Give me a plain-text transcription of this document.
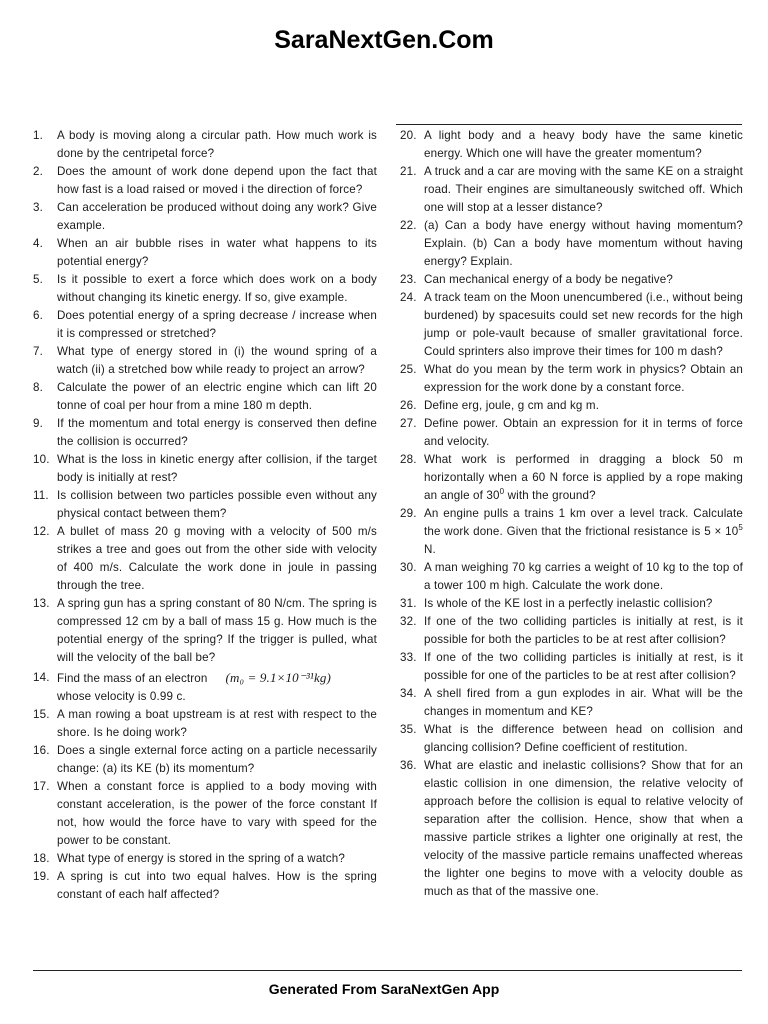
SaraNextGen.Com
1.	A body is moving along a circular path. How much work is done by the centripetal force?
2.	Does the amount of work done depend upon the fact that how fast is a load raised or moved i the direction of force?
3.	Can acceleration be produced without doing any work? Give example.
4.	When an air bubble rises in water what happens to its potential energy?
5.	Is it possible to exert a force which does work on a body without changing its kinetic energy. If so, give example.
6.	Does potential energy of a spring decrease / increase when it is compressed or stretched?
7.	What type of energy stored in (i) the wound spring of a watch (ii) a stretched bow while ready to project an arrow?
8.	Calculate the power of an electric engine which can lift 20 tonne of coal per hour from a mine 180 m depth.
9.	If the momentum and total energy is conserved then define the collision is occurred?
10. What is the loss in kinetic energy after collision, if the target body is initially at rest?
11. Is collision between two particles possible even without any physical contact between them?
12. A bullet of mass 20 g moving with a velocity of 500 m/s strikes a tree and goes out from the other side with velocity of 400 m/s. Calculate the work done in joule in passing through the tree.
13. A spring gun has a spring constant of 80 N/cm. The spring is compressed 12 cm by a ball of mass 15 g. How much is the potential energy of the spring? If the trigger is pulled, what will the velocity of the ball be?
14. Find the mass of an electron (m₀ = 9.1×10⁻³¹kg)
whose velocity is 0.99 c.
15. A man rowing a boat upstream is at rest with respect to the shore. Is he doing work?
16. Does a single external force acting on a particle necessarily change: (a) its KE (b) its momentum?
17. When a constant force is applied to a body moving with constant acceleration, is the power of the force constant If not, how would the force have to vary with speed for the power to be constant.
18. What type of energy is stored in the spring of a watch?
19. A spring is cut into two equal halves. How is the spring constant of each half affected?
20. A light body and a heavy body have the same kinetic energy. Which one will have the greater momentum?
21. A truck and a car are moving with the same KE on a straight road. Their engines are simultaneously switched off. Which one will stop at a lesser distance?
22. (a) Can a body have energy without having momentum? Explain. (b) Can a body have momentum without having energy? Explain.
23. Can mechanical energy of a body be negative?
24. A track team on the Moon unencumbered (i.e., without being burdened) by spacesuits could set new records for the high jump or pole-vault because of smaller gravitational force. Could sprinters also improve their times for 100 m dash?
25. What do you mean by the term work in physics? Obtain an expression for the work done by a constant force.
26. Define erg, joule, g cm and kg m.
27. Define power. Obtain an expression for it in terms of force and velocity.
28. What work is performed in dragging a block 50 m horizontally when a 60 N force is applied by a rope making an angle of $30^0$ with the ground?
29. An engine pulls a trains 1 km over a level track. Calculate the work done. Given that the frictional resistance is $5 \times 10^5$ N.
30. A man weighing 70 kg carries a weight of 10 kg to the top of a tower 100 m high. Calculate the work done.
31. Is whole of the KE lost in a perfectly inelastic collision?
32. If one of the two colliding particles is initially at rest, is it possible for both the particles to be at rest after collision?
33. If one of the two colliding particles is initially at rest, is it possible for one of the particles to be at rest after collision?
34. A shell fired from a gun explodes in air. What will be the changes in momentum and KE?
35. What is the difference between head on collision and glancing collision? Define coefficient of restitution.
36. What are elastic and inelastic collisions? Show that for an elastic collision in one dimension, the relative velocity of approach before the collision is equal to relative velocity of separation after the collision. Hence, show that when a massive particle strikes a lighter one originally at rest, the velocity of the massive particle remains unaffected whereas the lighter one begins to move with a velocity double as much as that of the massive one.
Generated From SaraNextGen App
